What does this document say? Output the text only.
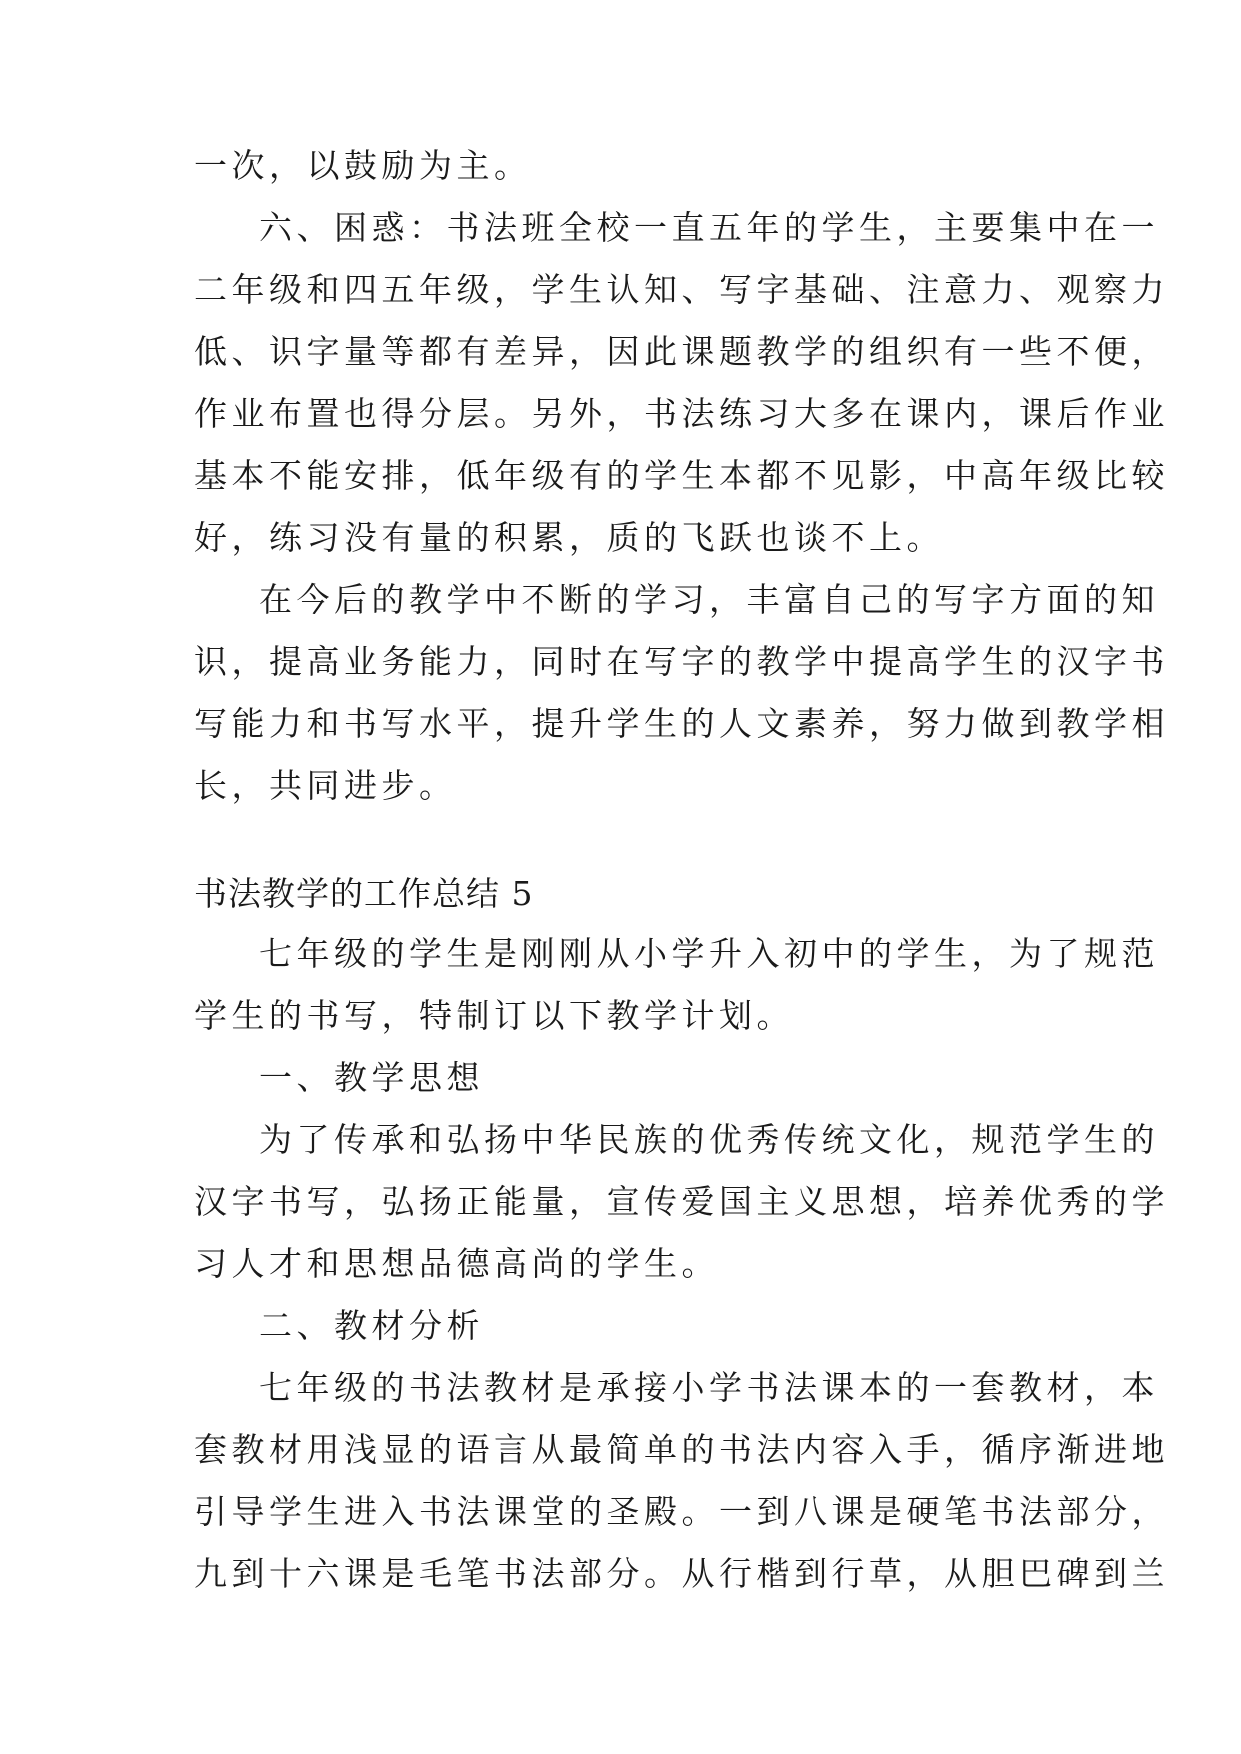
一次，以鼓励为主。
六、困惑：书法班全校一直五年的学生，主要集中在一
二年级和四五年级，学生认知、写字基础、注意力、观察力
低、识字量等都有差异，因此课题教学的组织有一些不便，
作业布置也得分层。另外，书法练习大多在课内，课后作业
基本不能安排，低年级有的学生本都不见影，中高年级比较
好，练习没有量的积累，质的飞跃也谈不上。
在今后的教学中不断的学习，丰富自己的写字方面的知
识，提高业务能力，同时在写字的教学中提高学生的汉字书
写能力和书写水平，提升学生的人文素养，努力做到教学相
长，共同进步。
书法教学的工作总结 5
七年级的学生是刚刚从小学升入初中的学生，为了规范
学生的书写，特制订以下教学计划。
一、教学思想
为了传承和弘扬中华民族的优秀传统文化，规范学生的
汉字书写，弘扬正能量，宣传爱国主义思想，培养优秀的学
习人才和思想品德高尚的学生。
二、教材分析
七年级的书法教材是承接小学书法课本的一套教材，本
套教材用浅显的语言从最简单的书法内容入手，循序渐进地
引导学生进入书法课堂的圣殿。一到八课是硬笔书法部分，
九到十六课是毛笔书法部分。从行楷到行草，从胆巴碑到兰
